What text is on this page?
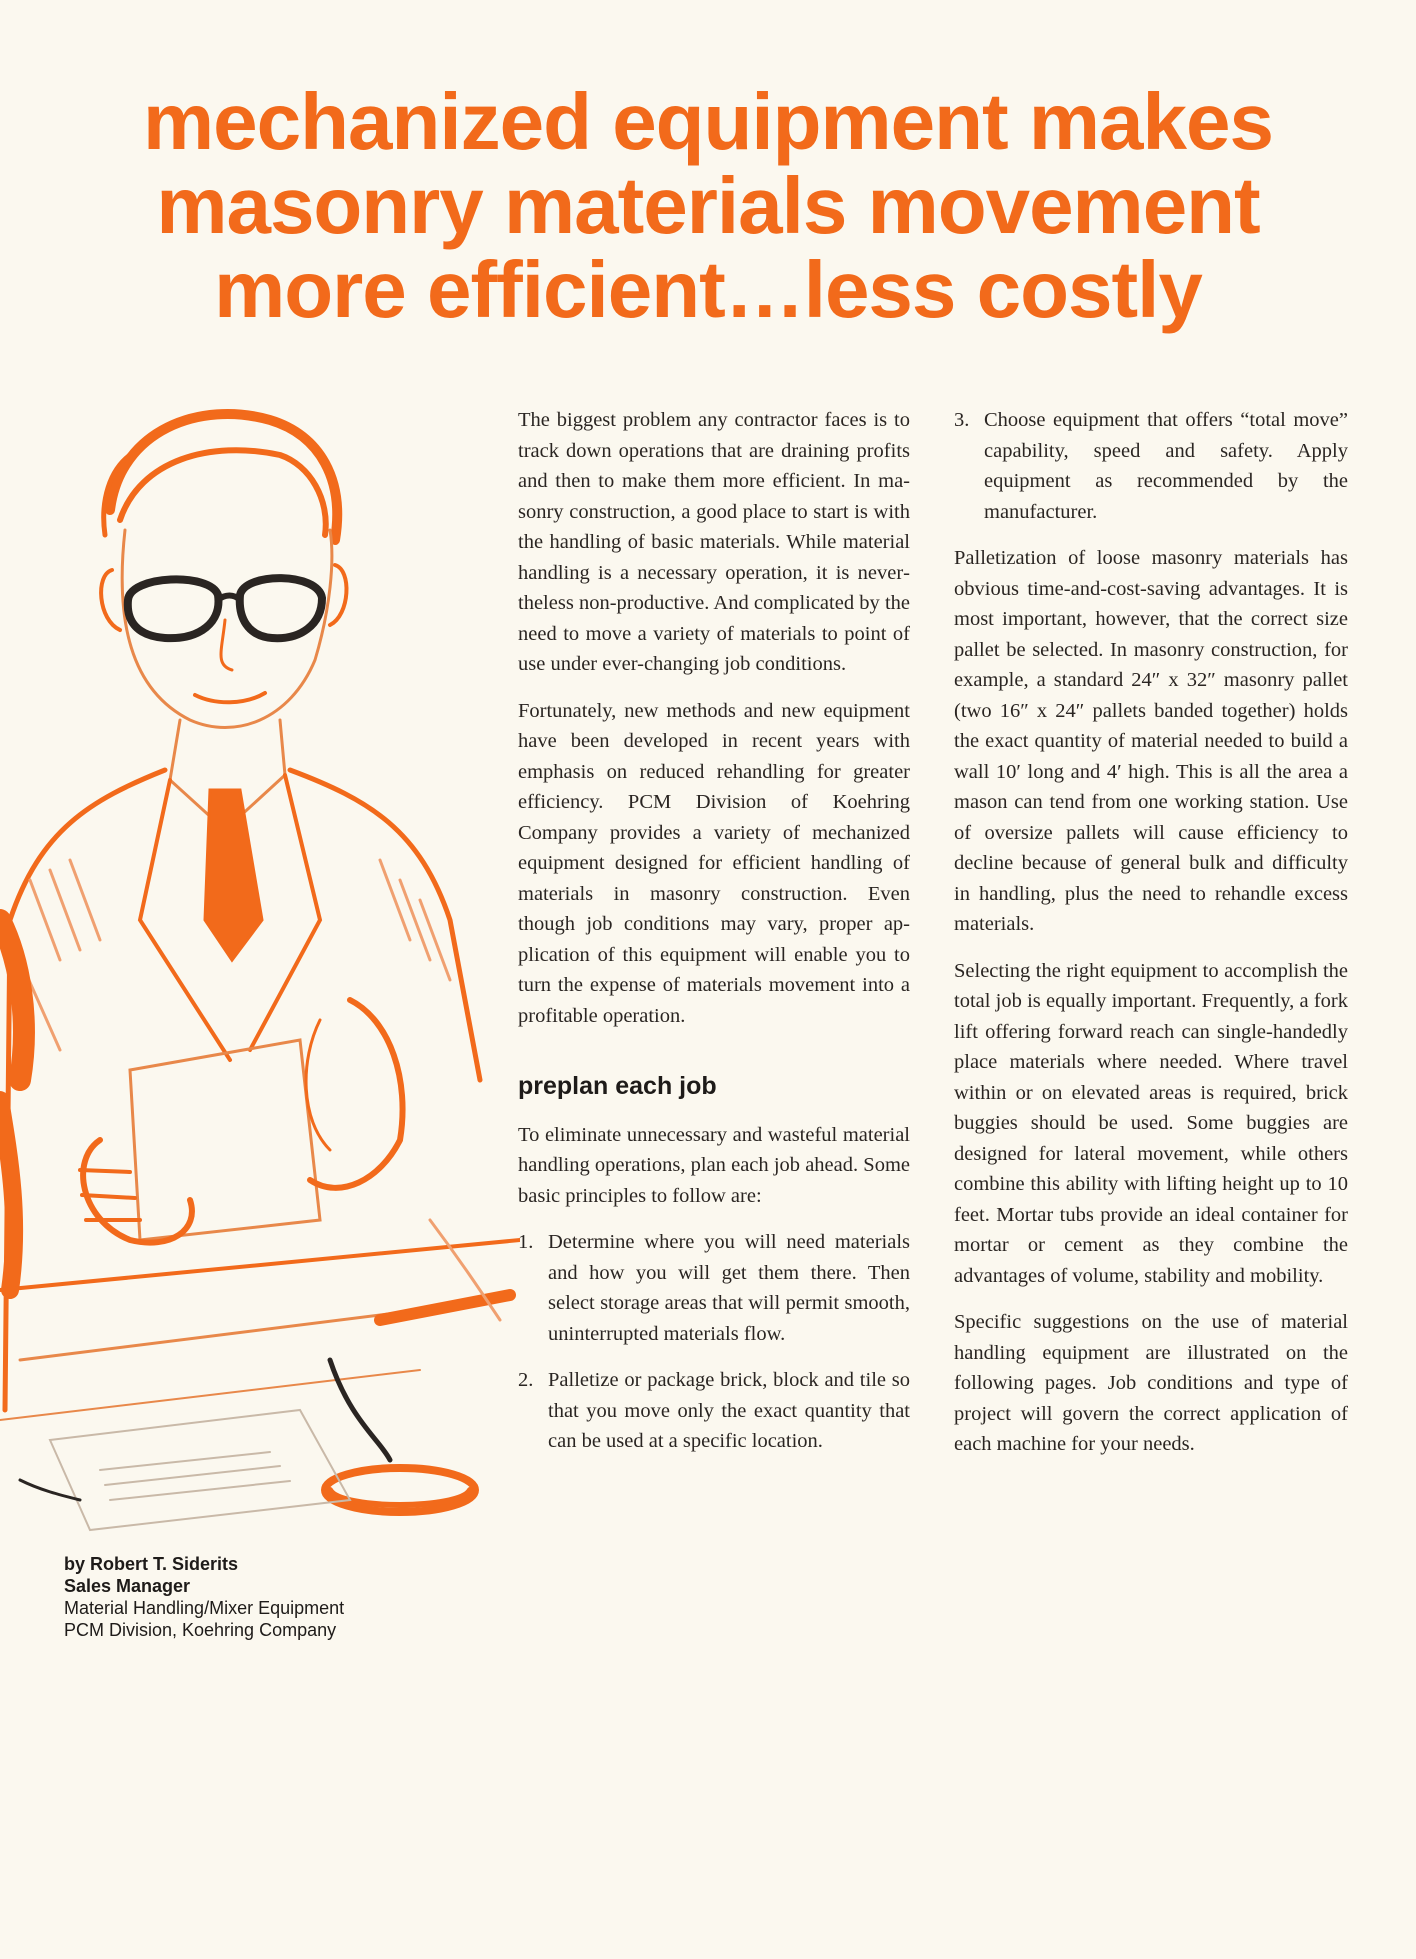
mechanized equipment makes
masonry materials movement
more efficient…less costly
by Robert T. Siderits
Sales Manager
Material Handling/Mixer Equipment
PCM Division, Koehring Company

The biggest problem any contractor faces is to track down operations that are draining profits and then to make them more efficient. In masonry construction, a good place to start is with the handling of basic materials. While material handling is a necessary operation, it is nevertheless non-productive. And complicated by the need to move a variety of materials to point of use under ever-changing job conditions.

Fortunately, new methods and new equipment have been developed in recent years with emphasis on reduced rehandling for greater efficiency. PCM Division of Koehring Company provides a variety of mechanized equipment designed for efficient handling of materials in masonry construction. Even though job conditions may vary, proper application of this equipment will enable you to turn the expense of materials movement into a profitable operation.

preplan each job

To eliminate unnecessary and wasteful material handling operations, plan each job ahead. Some basic principles to follow are:

1. Determine where you will need materials and how you will get them there. Then select storage areas that will permit smooth, uninterrupted materials flow.
2. Palletize or package brick, block and tile so that you move only the exact quantity that can be used at a specific location.
3. Choose equipment that offers “total move” capability, speed and safety. Apply equipment as recommended by the manufacturer.

Palletization of loose masonry materials has obvious time-and-cost-saving advantages. It is most important, however, that the correct size pallet be selected. In masonry construction, for example, a standard 24″ x 32″ masonry pallet (two 16″ x 24″ pallets banded together) holds the exact quantity of material needed to build a wall 10′ long and 4′ high. This is all the area a mason can tend from one working station. Use of oversize pallets will cause efficiency to decline because of general bulk and difficulty in handling, plus the need to rehandle excess materials.

Selecting the right equipment to accomplish the total job is equally important. Frequently, a fork lift offering forward reach can single-handedly place materials where needed. Where travel within or on elevated areas is required, brick buggies should be used. Some buggies are designed for lateral movement, while others combine this ability with lifting height up to 10 feet. Mortar tubs provide an ideal container for mortar or cement as they combine the advantages of volume, stability and mobility.

Specific suggestions on the use of material handling equipment are illustrated on the following pages. Job conditions and type of project will govern the correct application of each machine for your needs.
